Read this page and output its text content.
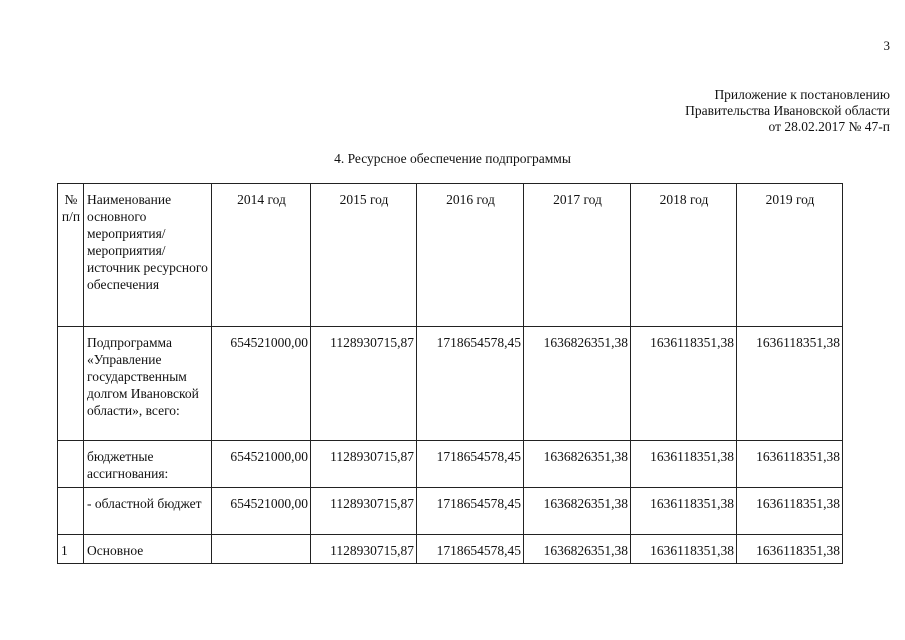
3
Приложение к постановлению
Правительства Ивановской области
от 28.02.2017 № 47-п
4. Ресурсное обеспечение подпрограммы
№ п/п	Наименование основного мероприятия/ мероприятия/ источник ресурсного обеспечения	2014 год	2015 год	2016 год	2017 год	2018 год	2019 год
	Подпрограмма «Управление государственным долгом Ивановской области», всего:	654521000,00	1128930715,87	1718654578,45	1636826351,38	1636118351,38	1636118351,38
	бюджетные ассигнования:	654521000,00	1128930715,87	1718654578,45	1636826351,38	1636118351,38	1636118351,38
	- областной бюджет	654521000,00	1128930715,87	1718654578,45	1636826351,38	1636118351,38	1636118351,38
1	Основное		1128930715,87	1718654578,45	1636826351,38	1636118351,38	1636118351,38
